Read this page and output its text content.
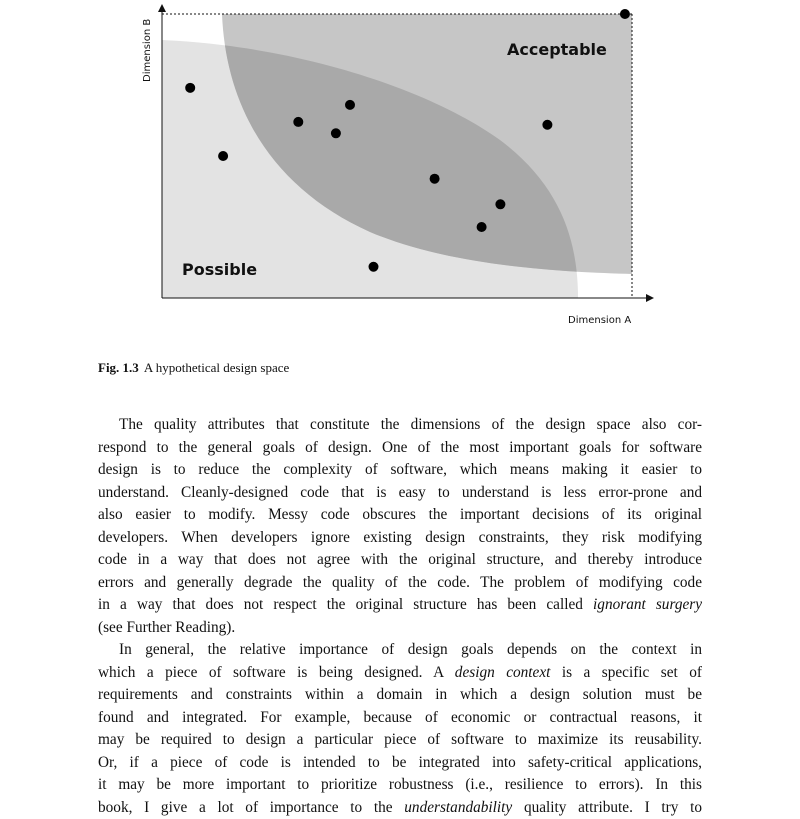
Dimension B
Dimension A
Acceptable
Possible
Fig. 1.3 A hypothetical design space
The quality attributes that constitute the dimensions of the design space also cor-
respond to the general goals of design. One of the most important goals for software
design is to reduce the complexity of software, which means making it easier to
understand. Cleanly-designed code that is easy to understand is less error-prone and
also easier to modify. Messy code obscures the important decisions of its original
developers. When developers ignore existing design constraints, they risk modifying
code in a way that does not agree with the original structure, and thereby introduce
errors and generally degrade the quality of the code. The problem of modifying code
in a way that does not respect the original structure has been called ignorant surgery
(see Further Reading).
In general, the relative importance of design goals depends on the context in
which a piece of software is being designed. A design context is a specific set of
requirements and constraints within a domain in which a design solution must be
found and integrated. For example, because of economic or contractual reasons, it
may be required to design a particular piece of software to maximize its reusability.
Or, if a piece of code is intended to be integrated into safety-critical applications,
it may be more important to prioritize robustness (i.e., resilience to errors). In this
book, I give a lot of importance to the understandability quality attribute. I try to
